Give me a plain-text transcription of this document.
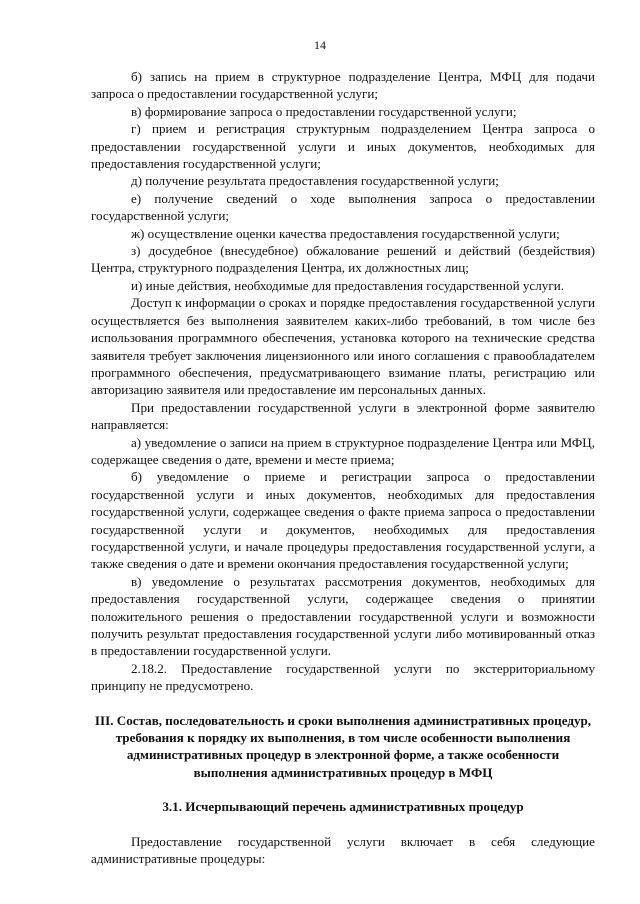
14

б) запись на прием в структурное подразделение Центра, МФЦ для подачи запроса о предоставлении государственной услуги;

в) формирование запроса о предоставлении государственной услуги;

г) прием и регистрация структурным подразделением Центра запроса о предоставлении государственной услуги и иных документов, необходимых для предоставления государственной услуги;

д) получение результата предоставления государственной услуги;

е) получение сведений о ходе выполнения запроса о предоставлении государственной услуги;

ж) осуществление оценки качества предоставления государственной услуги;

з) досудебное (внесудебное) обжалование решений и действий (бездействия) Центра, структурного подразделения Центра, их должностных лиц;

и) иные действия, необходимые для предоставления государственной услуги.

Доступ к информации о сроках и порядке предоставления государственной услуги осуществляется без выполнения заявителем каких-либо требований, в том числе без использования программного обеспечения, установка которого на технические средства заявителя требует заключения лицензионного или иного соглашения с правообладателем программного обеспечения, предусматривающего взимание платы, регистрацию или авторизацию заявителя или предоставление им персональных данных.

При предоставлении государственной услуги в электронной форме заявителю направляется:

а) уведомление о записи на прием в структурное подразделение Центра или МФЦ, содержащее сведения о дате, времени и месте приема;

б) уведомление о приеме и регистрации запроса о предоставлении государственной услуги и иных документов, необходимых для предоставления государственной услуги, содержащее сведения о факте приема запроса о предоставлении государственной услуги и документов, необходимых для предоставления государственной услуги, и начале процедуры предоставления государственной услуги, а также сведения о дате и времени окончания предоставления государственной услуги;

в) уведомление о результатах рассмотрения документов, необходимых для предоставления государственной услуги, содержащее сведения о принятии положительного решения о предоставлении государственной услуги и возможности получить результат предоставления государственной услуги либо мотивированный отказ в предоставлении государственной услуги.

2.18.2. Предоставление государственной услуги по экстерриториальному принципу не предусмотрено.

III. Состав, последовательность и сроки выполнения административных процедур, требования к порядку их выполнения, в том числе особенности выполнения административных процедур в электронной форме, а также особенности выполнения административных процедур в МФЦ
3.1. Исчерпывающий перечень административных процедур

Предоставление государственной услуги включает в себя следующие административные процедуры:
